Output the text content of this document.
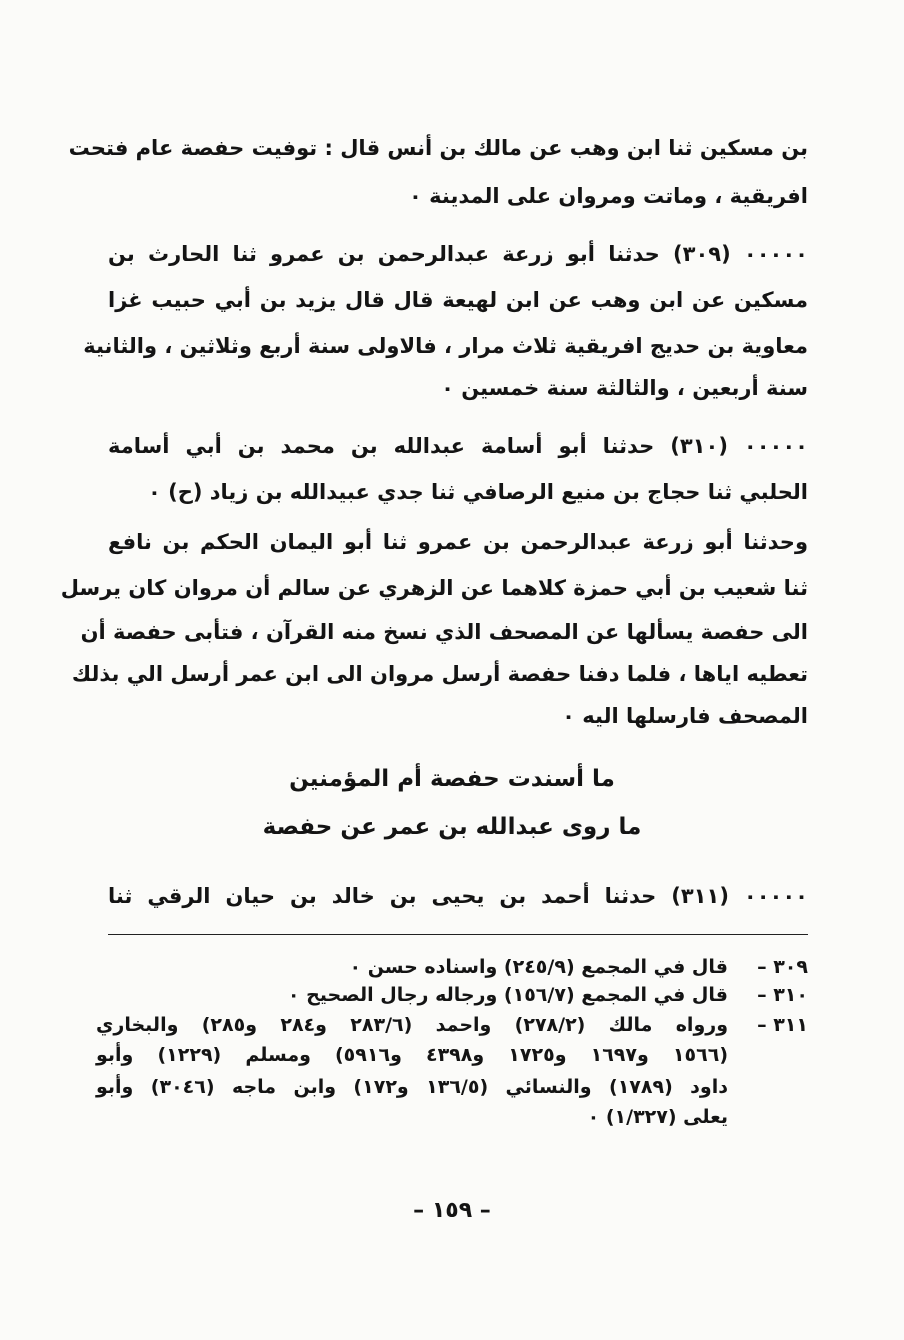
بن مسكين ثنا ابن وهب عن مالك بن أنس قال : توفيت حفصة عام فتحت
افريقية ، وماتت ومروان على المدينة ٠
٠٠٠٠٠ (٣٠٩) حدثنا أبو زرعة عبدالرحمن بن عمرو ثنا الحارث بن
مسكين عن ابن وهب عن ابن لهيعة قال قال يزيد بن أبي حبيب غزا
معاوية بن حديج افريقية ثلاث مرار ، فالاولى سنة أربع وثلاثين ، والثانية
سنة أربعين ، والثالثة سنة خمسين ٠
٠٠٠٠٠ (٣١٠) حدثنا أبو أسامة عبدالله بن محمد بن أبي أسامة
الحلبي ثنا حجاج بن منيع الرصافي ثنا جدي عبيدالله بن زياد (ح) ٠
وحدثنا أبو زرعة عبدالرحمن بن عمرو ثنا أبو اليمان الحكم بن نافع
ثنا شعيب بن أبي حمزة كلاهما عن الزهري عن سالم أن مروان كان يرسل
الى حفصة يسألها عن المصحف الذي نسخ منه القرآن ، فتأبى حفصة أن
تعطيه اياها ، فلما دفنا حفصة أرسل مروان الى ابن عمر أرسل الي بذلك
المصحف فارسلها اليه ٠
٠٠٠٠٠ (٣١١) حدثنا أحمد بن يحيى بن خالد بن حيان الرقي ثنا
ما أسندت حفصة أم المؤمنين
ما روى عبدالله بن عمر عن حفصة
٣٠٩ –
قال في المجمع (٢٤٥/٩) واسناده حسن ٠
٣١٠ –
قال في المجمع (١٥٦/٧) ورجاله رجال الصحيح ٠
٣١١ –
ورواه مالك (٢٧٨/٢) واحمد (٢٨٣/٦ و٢٨٤ و٢٨٥) والبخاري
(١٥٦٦ و١٦٩٧ و١٧٢٥ و٤٣٩٨ و٥٩١٦) ومسلم (١٢٢٩) وأبو
داود (١٧٨٩) والنسائي (١٣٦/٥ و١٧٢) وابن ماجه (٣٠٤٦) وأبو
يعلى (١/٣٢٧) ٠
– ١٥٩ –
